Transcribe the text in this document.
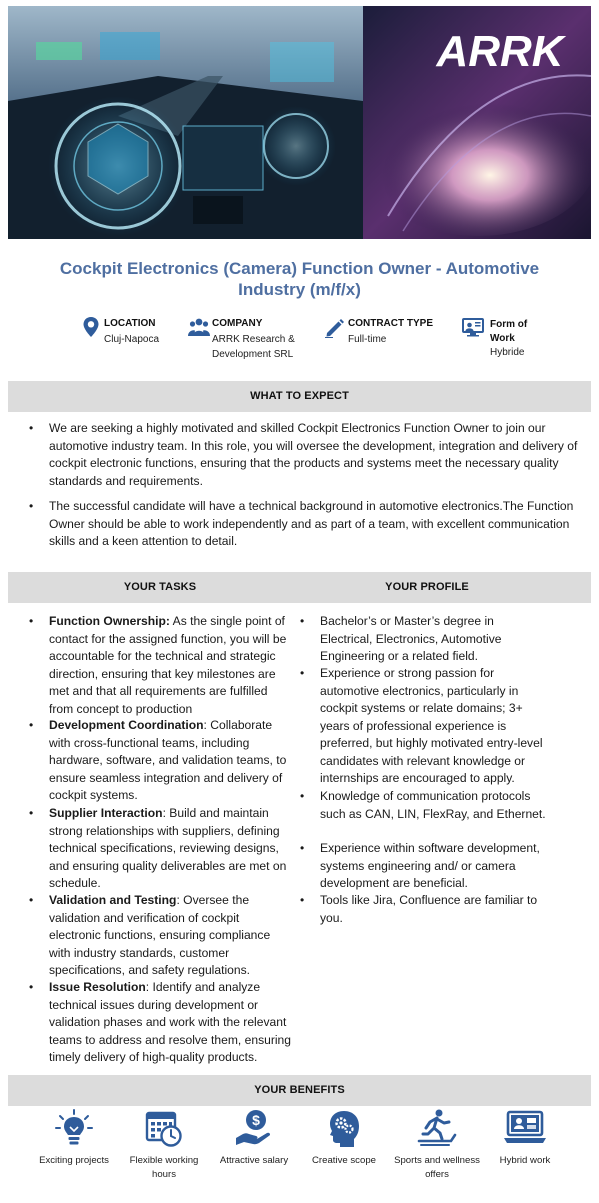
ARRK
Cockpit Electronics (Camera) Function Owner - Automotive Industry (m/f/x)
LOCATION
Cluj-Napoca
COMPANY
ARRK Research & Development SRL
CONTRACT TYPE
Full-time
Form of Work
Hybride
WHAT TO EXPECT
• We are seeking a highly motivated and skilled Cockpit Electronics Function Owner to join our automotive industry team. In this role, you will oversee the development, integration and delivery of cockpit electronic functions, ensuring that the products and systems meet the necessary quality standards and requirements.
• The successful candidate will have a technical background in automotive electronics.The Function Owner should be able to work independently and as part of a team, with excellent communication skills and a keen attention to detail.
YOUR TASKS	YOUR PROFILE
• Function Ownership: As the single point of contact for the assigned function, you will be accountable for the technical and strategic direction, ensuring that key milestones are met and that all requirements are fulfilled from concept to production
• Development Coordination: Collaborate with cross-functional teams, including hardware, software, and validation teams, to ensure seamless integration and delivery of cockpit systems.
• Supplier Interaction: Build and maintain strong relationships with suppliers, defining technical specifications, reviewing designs, and ensuring quality deliverables are met on schedule.
• Validation and Testing: Oversee the validation and verification of cockpit electronic functions, ensuring compliance with industry standards, customer specifications, and safety regulations.
• Issue Resolution: Identify and analyze technical issues during development or validation phases and work with the relevant teams to address and resolve them, ensuring timely delivery of high-quality products.
• Bachelor’s or Master’s degree in Electrical, Electronics, Automotive Engineering or a related field.
• Experience or strong passion for automotive electronics, particularly in cockpit systems or relate domains; 3+ years of professional experience is preferred, but highly motivated entry-level candidates with relevant knowledge or internships are encouraged to apply.
• Knowledge of communication protocols such as CAN, LIN, FlexRay, and Ethernet.
• Experience within software development, systems engineering and/ or camera development are beneficial.
• Tools like Jira, Confluence are familiar to you.
YOUR BENEFITS
Exciting projects	Flexible working hours
$
Attractive salary	Creative scope	Sports and wellness offers
Hybrid work
